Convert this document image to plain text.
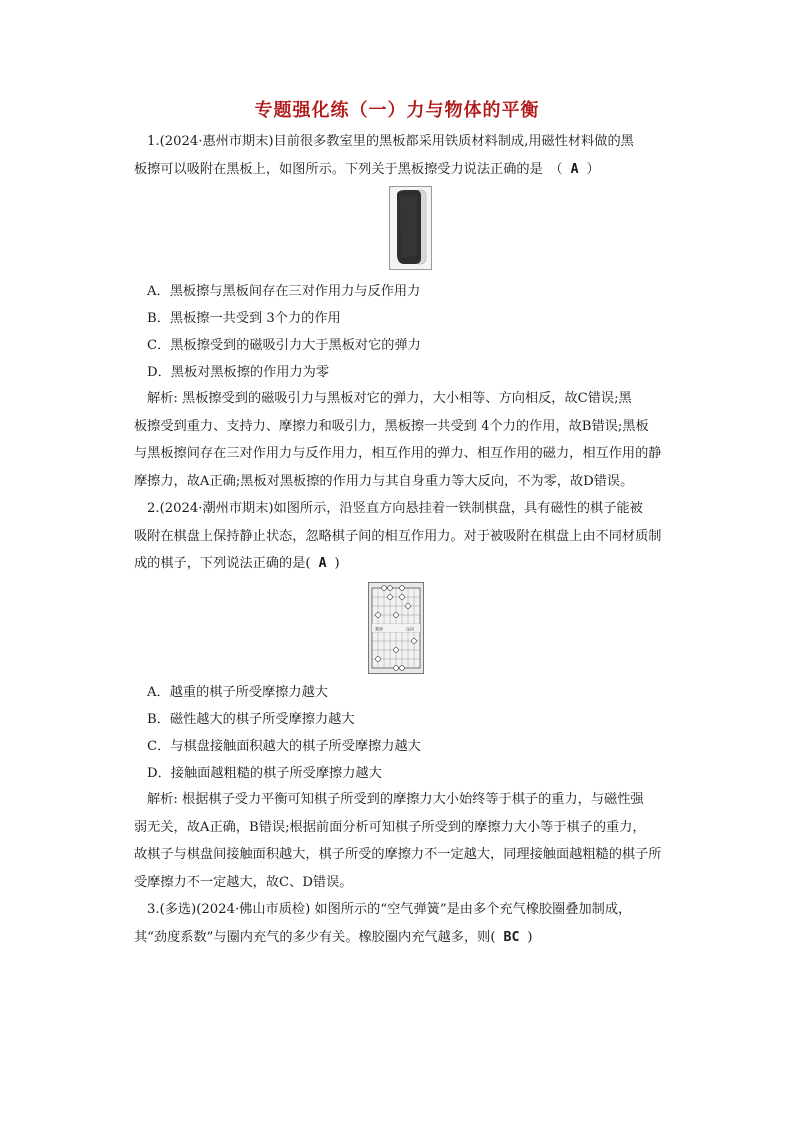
专题强化练（一）力与物体的平衡
1.(2024·惠州市期末)目前很多教室里的黑板都采用铁质材料制成,用磁性材料做的黑
板擦可以吸附在黑板上，如图所示。下列关于黑板擦受力说法正确的是　（ A ）
A．黑板擦与黑板间存在三对作用力与反作用力
B．黑板擦一共受到 3个力的作用
C．黑板擦受到的磁吸引力大于黑板对它的弹力
D．黑板对黑板擦的作用力为零
解析: 黑板擦受到的磁吸引力与黑板对它的弹力，大小相等、方向相反，故C错误;黑
板擦受到重力、支持力、摩擦力和吸引力，黑板擦一共受到 4个力的作用，故B错误;黑板
与黑板擦间存在三对作用力与反作用力，相互作用的弹力、相互作用的磁力，相互作用的静
摩擦力，故A正确;黑板对黑板擦的作用力与其自身重力等大反向，不为零，故D错误。
2.(2024·潮州市期末)如图所示，沿竖直方向悬挂着一铁制棋盘，具有磁性的棋子能被
吸附在棋盘上保持静止状态，忽略棋子间的相互作用力。对于被吸附在棋盘上由不同材质制
成的棋子，下列说法正确的是( A )
楚界	汉河
A．越重的棋子所受摩擦力越大
B．磁性越大的棋子所受摩擦力越大
C．与棋盘接触面积越大的棋子所受摩擦力越大
D．接触面越粗糙的棋子所受摩擦力越大
解析: 根据棋子受力平衡可知棋子所受到的摩擦力大小始终等于棋子的重力，与磁性强
弱无关，故A正确，B错误;根据前面分析可知棋子所受到的摩擦力大小等于棋子的重力，
故棋子与棋盘间接触面积越大，棋子所受的摩擦力不一定越大，同理接触面越粗糙的棋子所
受摩擦力不一定越大，故C、D错误。
3.(多选)(2024·佛山市质检) 如图所示的“空气弹簧”是由多个充气橡胶圈叠加制成，
其“劲度系数”与圈内充气的多少有关。橡胶圈内充气越多，则( BC )
